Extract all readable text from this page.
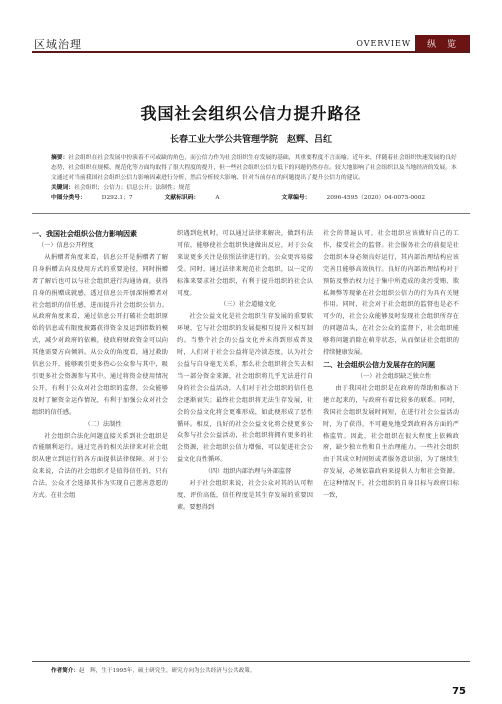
区域治理	OVERVIEW	纵 览
我国社会组织公信力提升路径
长春工业大学公共管理学院　赵辉、吕红
摘要：社会组织在社会发展中扮演着不可或缺的角色，而公信力作为社会组织生存发展的基础，其重要程度不言而喻。近年来，伴随着社会组织快速发展的良好态势，社会组织在规模、规范化等方面均取得了很大程度的提升，但一些社会组织公信力低下的问题仍然存在。较大地影响了社会组织以及当地经济的发展。本文通过对当前我国社会组织公信力影响因素进行分析，然后分析较大影响、针对当前存在的问题提出了提升公信力的建议。
关键词：社会组织；公信力；信息公开；法制性；规范
中图分类号：	D292.1；7	文献标识码：	A	文章编号：	2096-4595（2020）04-0075-0002

一、我国社会组织公信力影响因素

（一）信息公开程度

从捐赠者角度来看，信息公开是捐赠者了解自身捐赠去向及使用方式的重要途径，同时捐赠者了解后也可以与社会组织进行沟通协商，获得自身的捐赠成就感，透过信息公开加深捐赠者对社会组织的信任感，进而提升社会组织公信力。从政府角度来看，通过信息公开打破社会组织原始的信息或有限度披露获得资金及运到指数的模式，减少对政府的依赖，使政府财政资金可以向其他需要方向倾斜。从公众的角度看，通过救助信息公开，能够吸引更多热心公众参与其中，吸引更多社会资源参与其中。通过将资金使用情况公开，有利于公众对社会组织的监督，公众能够及时了解资金运作情况，有利于加强公众对社会组织的信任感。

（二）法制性

社会组织合法化问题直接关系到社会组织是否能顺利运行。通过完善的相关法律来对社会组织从建立到运行的各方面提供法律保障。对于公众来说，合法的社会组织才是值得信任的，只有合法，公众才会选择其作为实现自己慈善意愿的方式。在社会组

织遇到危机时，可以通过法律来解决，做到有法可依，能够使社会组织快速做出反应，对于公众来说更多关注是依照法律进行的，公众更容易接受。同时，通过法律来规范社会组织，以一定的标准来要求社会组织，有利于提升组织的社会认可度。

（三）社会道德文化

社会公益文化是社会组织生存发展的重要软环境，它与社会组织的发展提相互提升又相互制约。当整个社会的公益文化并未得到形成普及时，人们对于社会公益将是冷淡态度，认为社会公益与自身毫无关系，那么社会组织将会失去相当一部分资金来源，社会组织将几乎无法进行自身的社会公益活动，人们对于社会组织的信任也会逐渐衰失；最终社会组织将无法生存发展，社会的公益文化将会更难形成，如此便形成了恶性循环。相反，良好的社会公益文化将会使更多公众参与社会公益活动，社会组织将拥有更多的社会资源，社会组织公信力增强，可以促进社会公益文化良性循环。

（四）组织内部治理与外部监督

对于社会组织来说，社会公众对其的认可程度、评价高低，信任程度是其生存发展的重要因素。要想得到

社会的普遍认可，社会组织应该做好自己的工作，接受社会的监督。社会服务社会的前提是社会组织本身必须良好运行，其内部治理结构应该完善且能够高效执行。良好的内部治理结构对于预防及整治权力过于集中所造成的贪污受贿、欺私舞弊等现象在社会组织公信力的行为具有关键作用。同时，社会对于社会组织的监督也是必不可少的，社会公众能够及时发现社会组织所存在的问题苗头，在社会公众的监督下，社会组织能够将问题消除在萌芽状态，从而保证社会组织的持续健康发展。

二、社会组织公信力发展存在的问题

（一）社会组织缺乏独立性

由于我国社会组织是在政府的帮助和推动下建立起来的，与政府有着比较多的联系。同时，我国社会组织发展时间短，在进行社会公益活动时，为了获得，不可避免地受到政府各方面的严格监管。因此，社会组织在很大程度上依赖政府，缺少独立性和自主治理能力。一些社会组织由于其成立时间短或者服务意识弱，为了继续生存发展，必须依靠政府来提供人力和社会资源。在这种情况下，社会组织的自身目标与政府目标一致，

作者简介：赵　辉，生于1995年，硕士研究生，研究方向为公共经济与公共政策。
75
